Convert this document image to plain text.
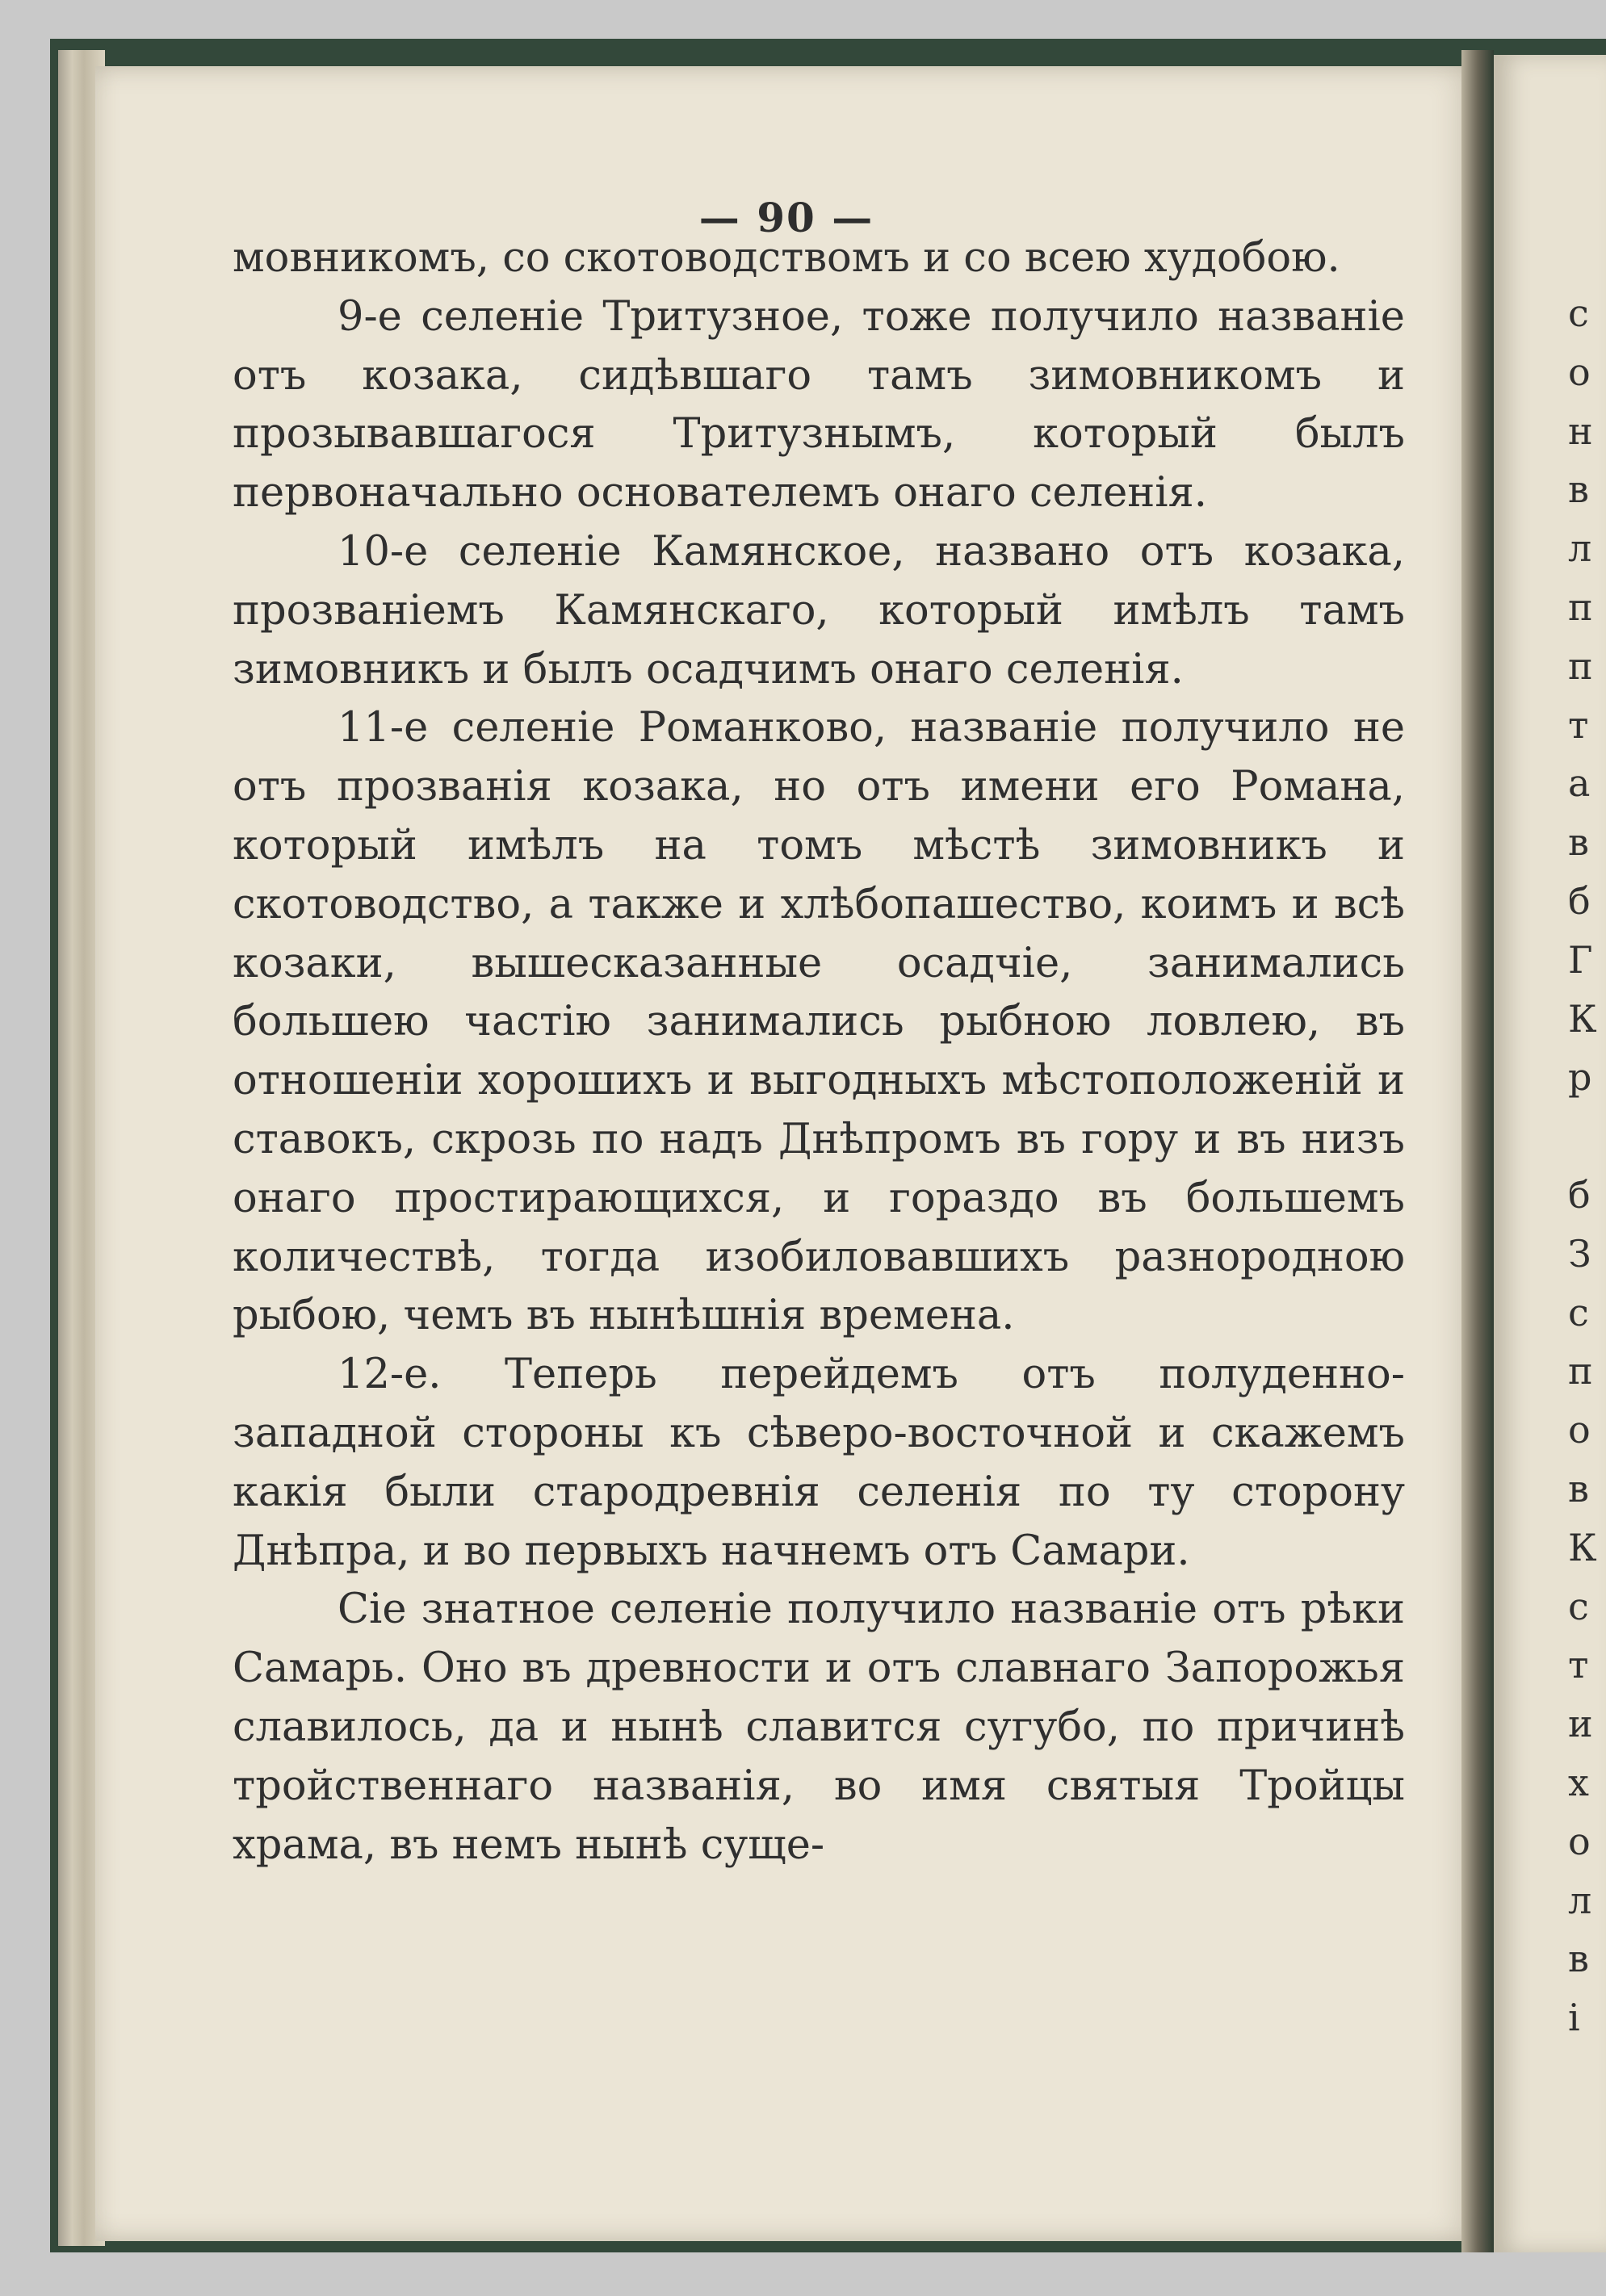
— 90 —
с
о
н
в
л
п
п
т
а
в
б
Г
К
р
б
З
с
п
о
в
К
с
т
и
х
о
л
в
і

мовникомъ, со скотоводствомъ и со всею худобою.

9-е селеніе Тритузное, тоже получило названіе отъ козака, сидѣвшаго тамъ зимовникомъ и прозывавшагося Тритузнымъ, который былъ первоначально основателемъ онаго селенія.

10-е селеніе Камянское, названо отъ козака, прозваніемъ Камянскаго, который имѣлъ тамъ зимовникъ и былъ осадчимъ онаго селенія.

11-е селеніе Романково, названіе получило не отъ прозванія козака, но отъ имени его Романа, который имѣлъ на томъ мѣстѣ зимовникъ и скотоводство, а также и хлѣбопашество, коимъ и всѣ козаки, вышесказанные осадчіе, занимались большею частію занимались рыбною ловлею, въ отношеніи хорошихъ и выгодныхъ мѣстоположеній и ставокъ, скрозь по надъ Днѣпромъ въ гору и въ низъ онаго простирающихся, и гораздо въ большемъ количествѣ, тогда изобиловавшихъ разнородною рыбою, чемъ въ нынѣшнія времена.

12-е. Теперь перейдемъ отъ полуденно-западной стороны къ сѣверо-восточной и скажемъ какія были стародревнія селенія по ту сторону Днѣпра, и во первыхъ начнемъ отъ Самари.

Сіе знатное селеніе получило названіе отъ рѣки Самарь. Оно въ древности и отъ славнаго Запорожья славилось, да и нынѣ славится сугубо, по причинѣ тройственнаго названія, во имя святыя Тройцы храма, въ немъ нынѣ суще-
